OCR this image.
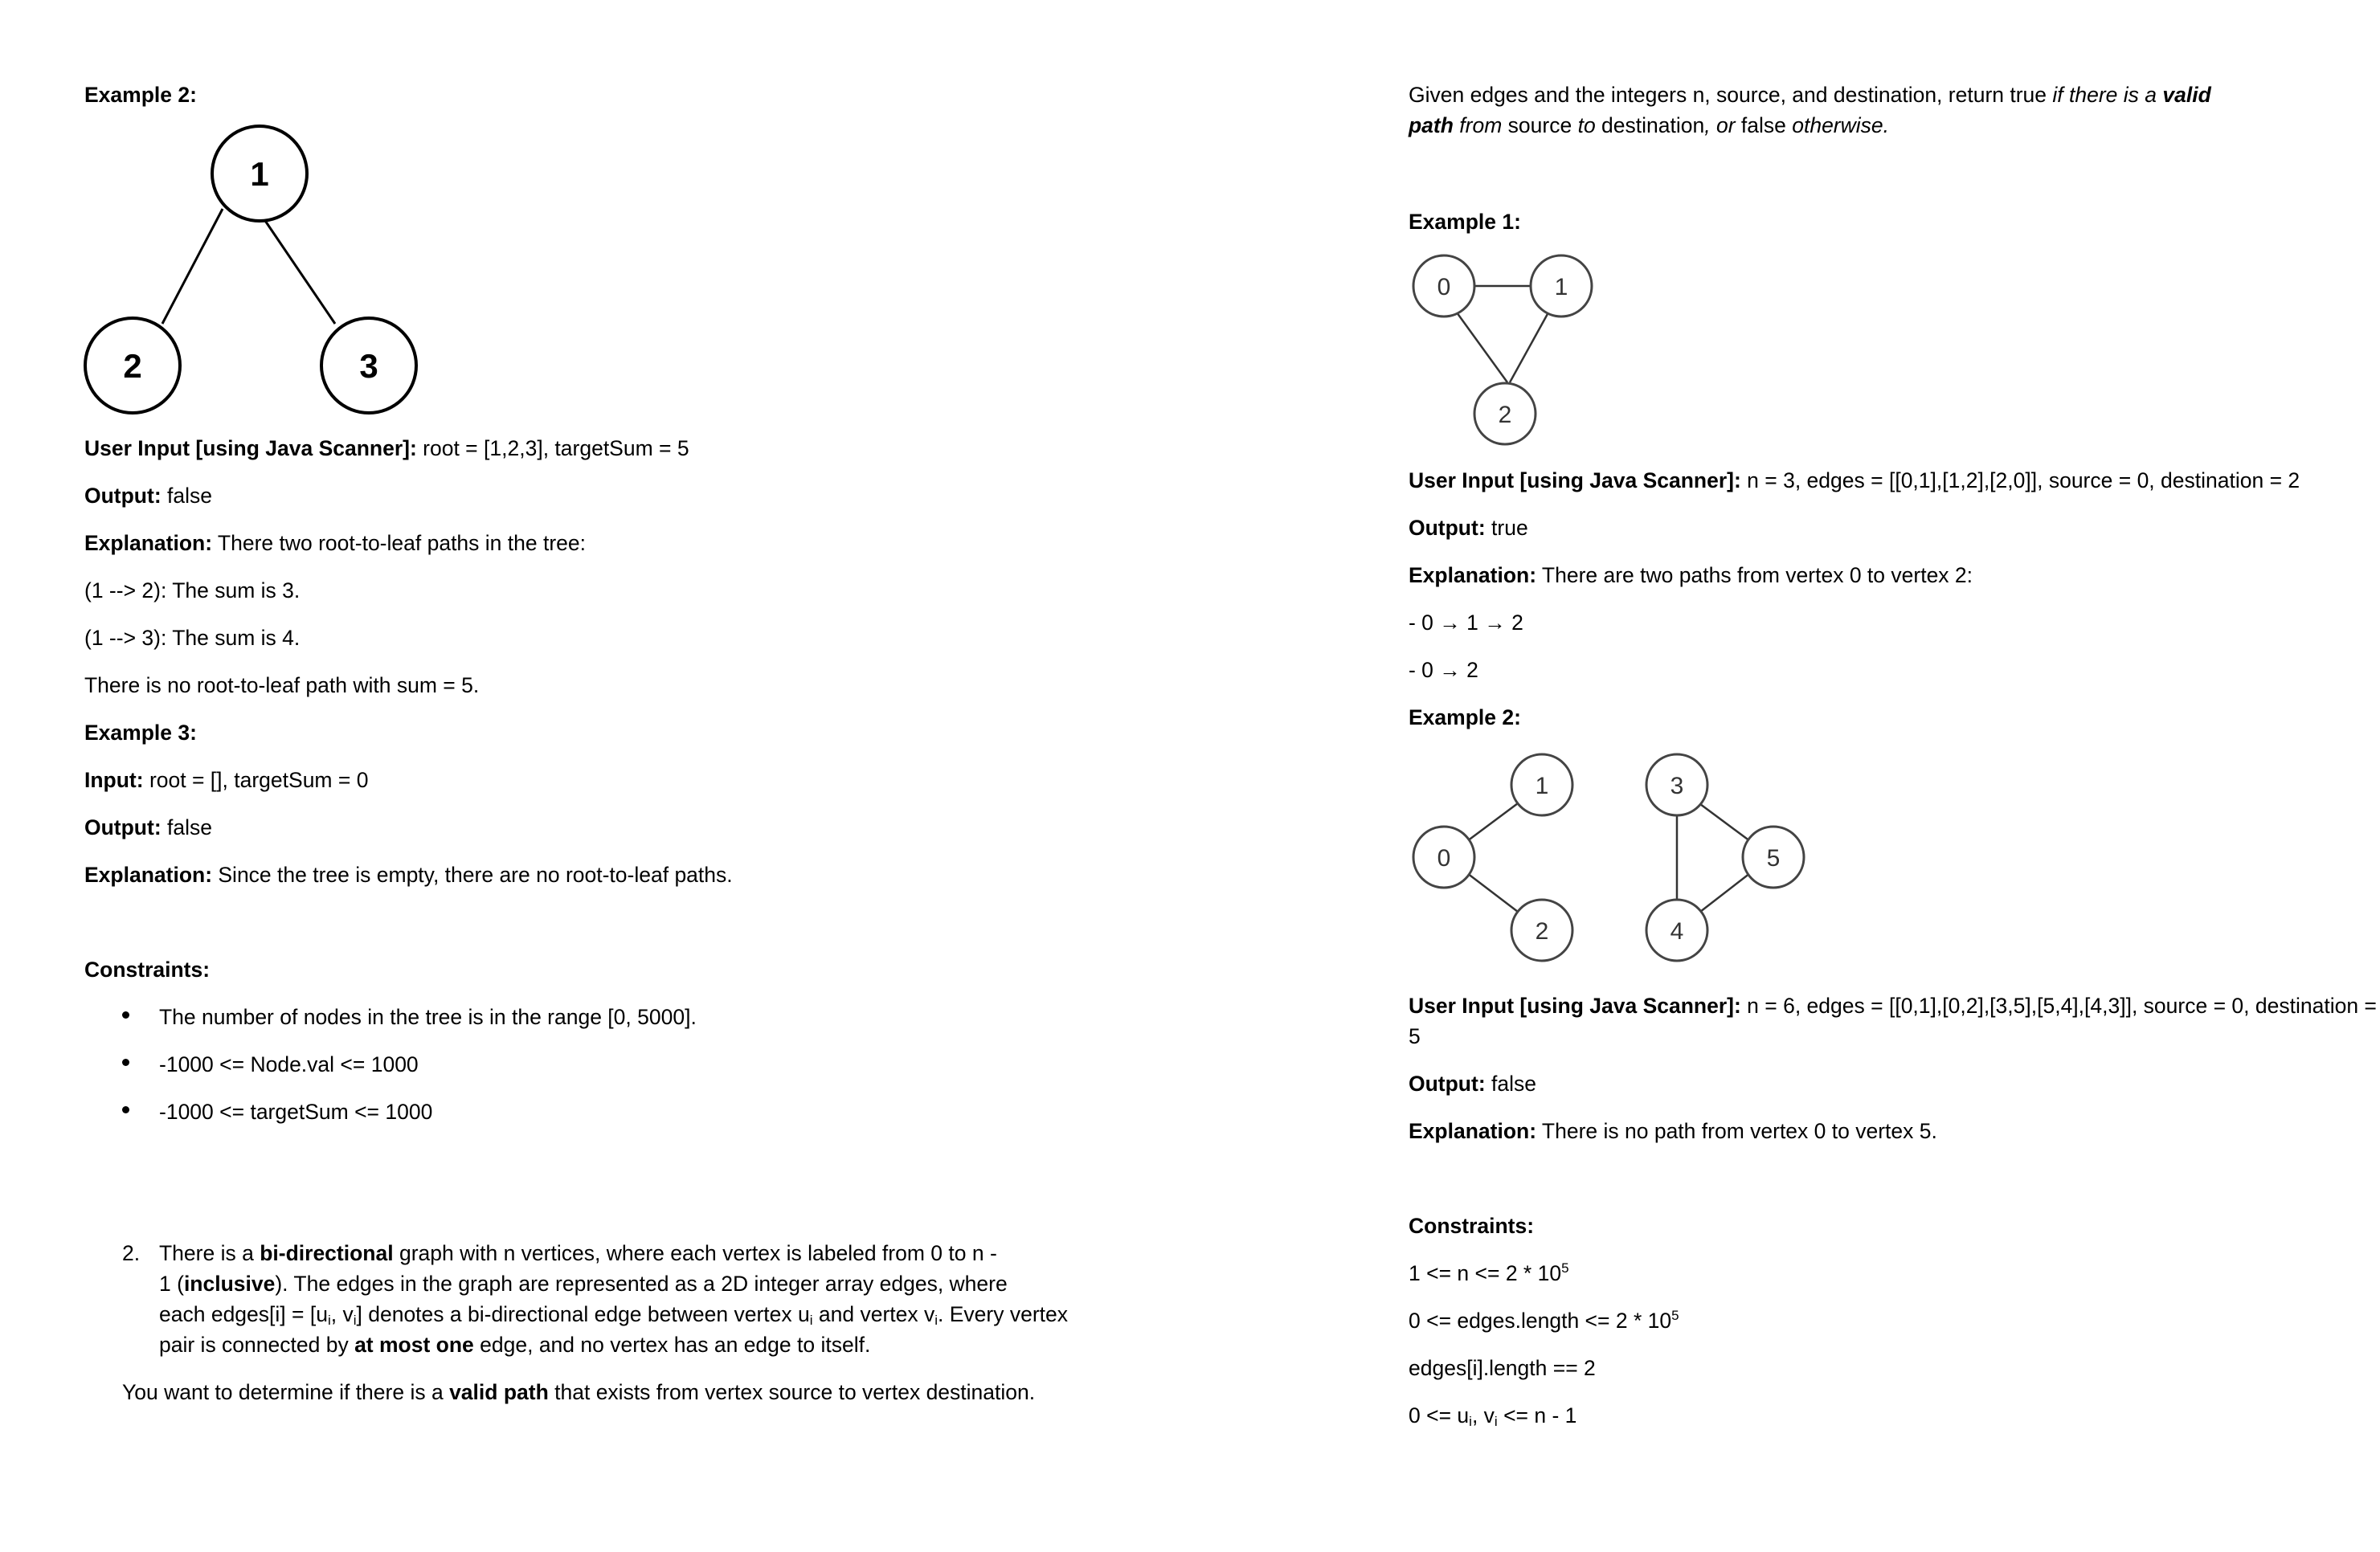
Example 2:

1
2	3

User Input [using Java Scanner]: root = [1,2,3], targetSum = 5

Output: false

Explanation: There two root-to-leaf paths in the tree:

(1 --> 2): The sum is 3.

(1 --> 3): The sum is 4.

There is no root-to-leaf path with sum = 5.

Example 3:

Input: root = [], targetSum = 0

Output: false

Explanation: Since the tree is empty, there are no root-to-leaf paths.

Constraints:

The number of nodes in the tree is in the range [0, 5000].

-1000 <= Node.val <= 1000

-1000 <= targetSum <= 1000

2. There is a bi-directional graph with n vertices, where each vertex is labeled from 0 to n -

1 (inclusive). The edges in the graph are represented as a 2D integer array edges, where

each edges[i] = [$u_i$, $v_i$] denotes a bi-directional edge between vertex $u_i$ and vertex $v_i$. Every vertex

pair is connected by at most one edge, and no vertex has an edge to itself.

You want to determine if there is a valid path that exists from vertex source to vertex destination.

Given edges and the integers n, source, and destination, return true if there is a valid

path from source to destination, or false otherwise.

Example 1:

0	1
2

User Input [using Java Scanner]: n = 3, edges = [[0,1],[1,2],[2,0]], source = 0, destination = 2

Output: true

Explanation: There are two paths from vertex 0 to vertex 2:

- 0 → 1 → 2

- 0 → 2

Example 2:

0
1
2
3
4
5

User Input [using Java Scanner]: n = 6, edges = [[0,1],[0,2],[3,5],[5,4],[4,3]], source = 0, destination =

5

Output: false

Explanation: There is no path from vertex 0 to vertex 5.

Constraints:

$1 <= n <= 2 * 10^5$

0 <= edges.length <= $2 * 10^5$

edges[i].length == 2

$0 <= u_i$, $v_i <= n - 1$
